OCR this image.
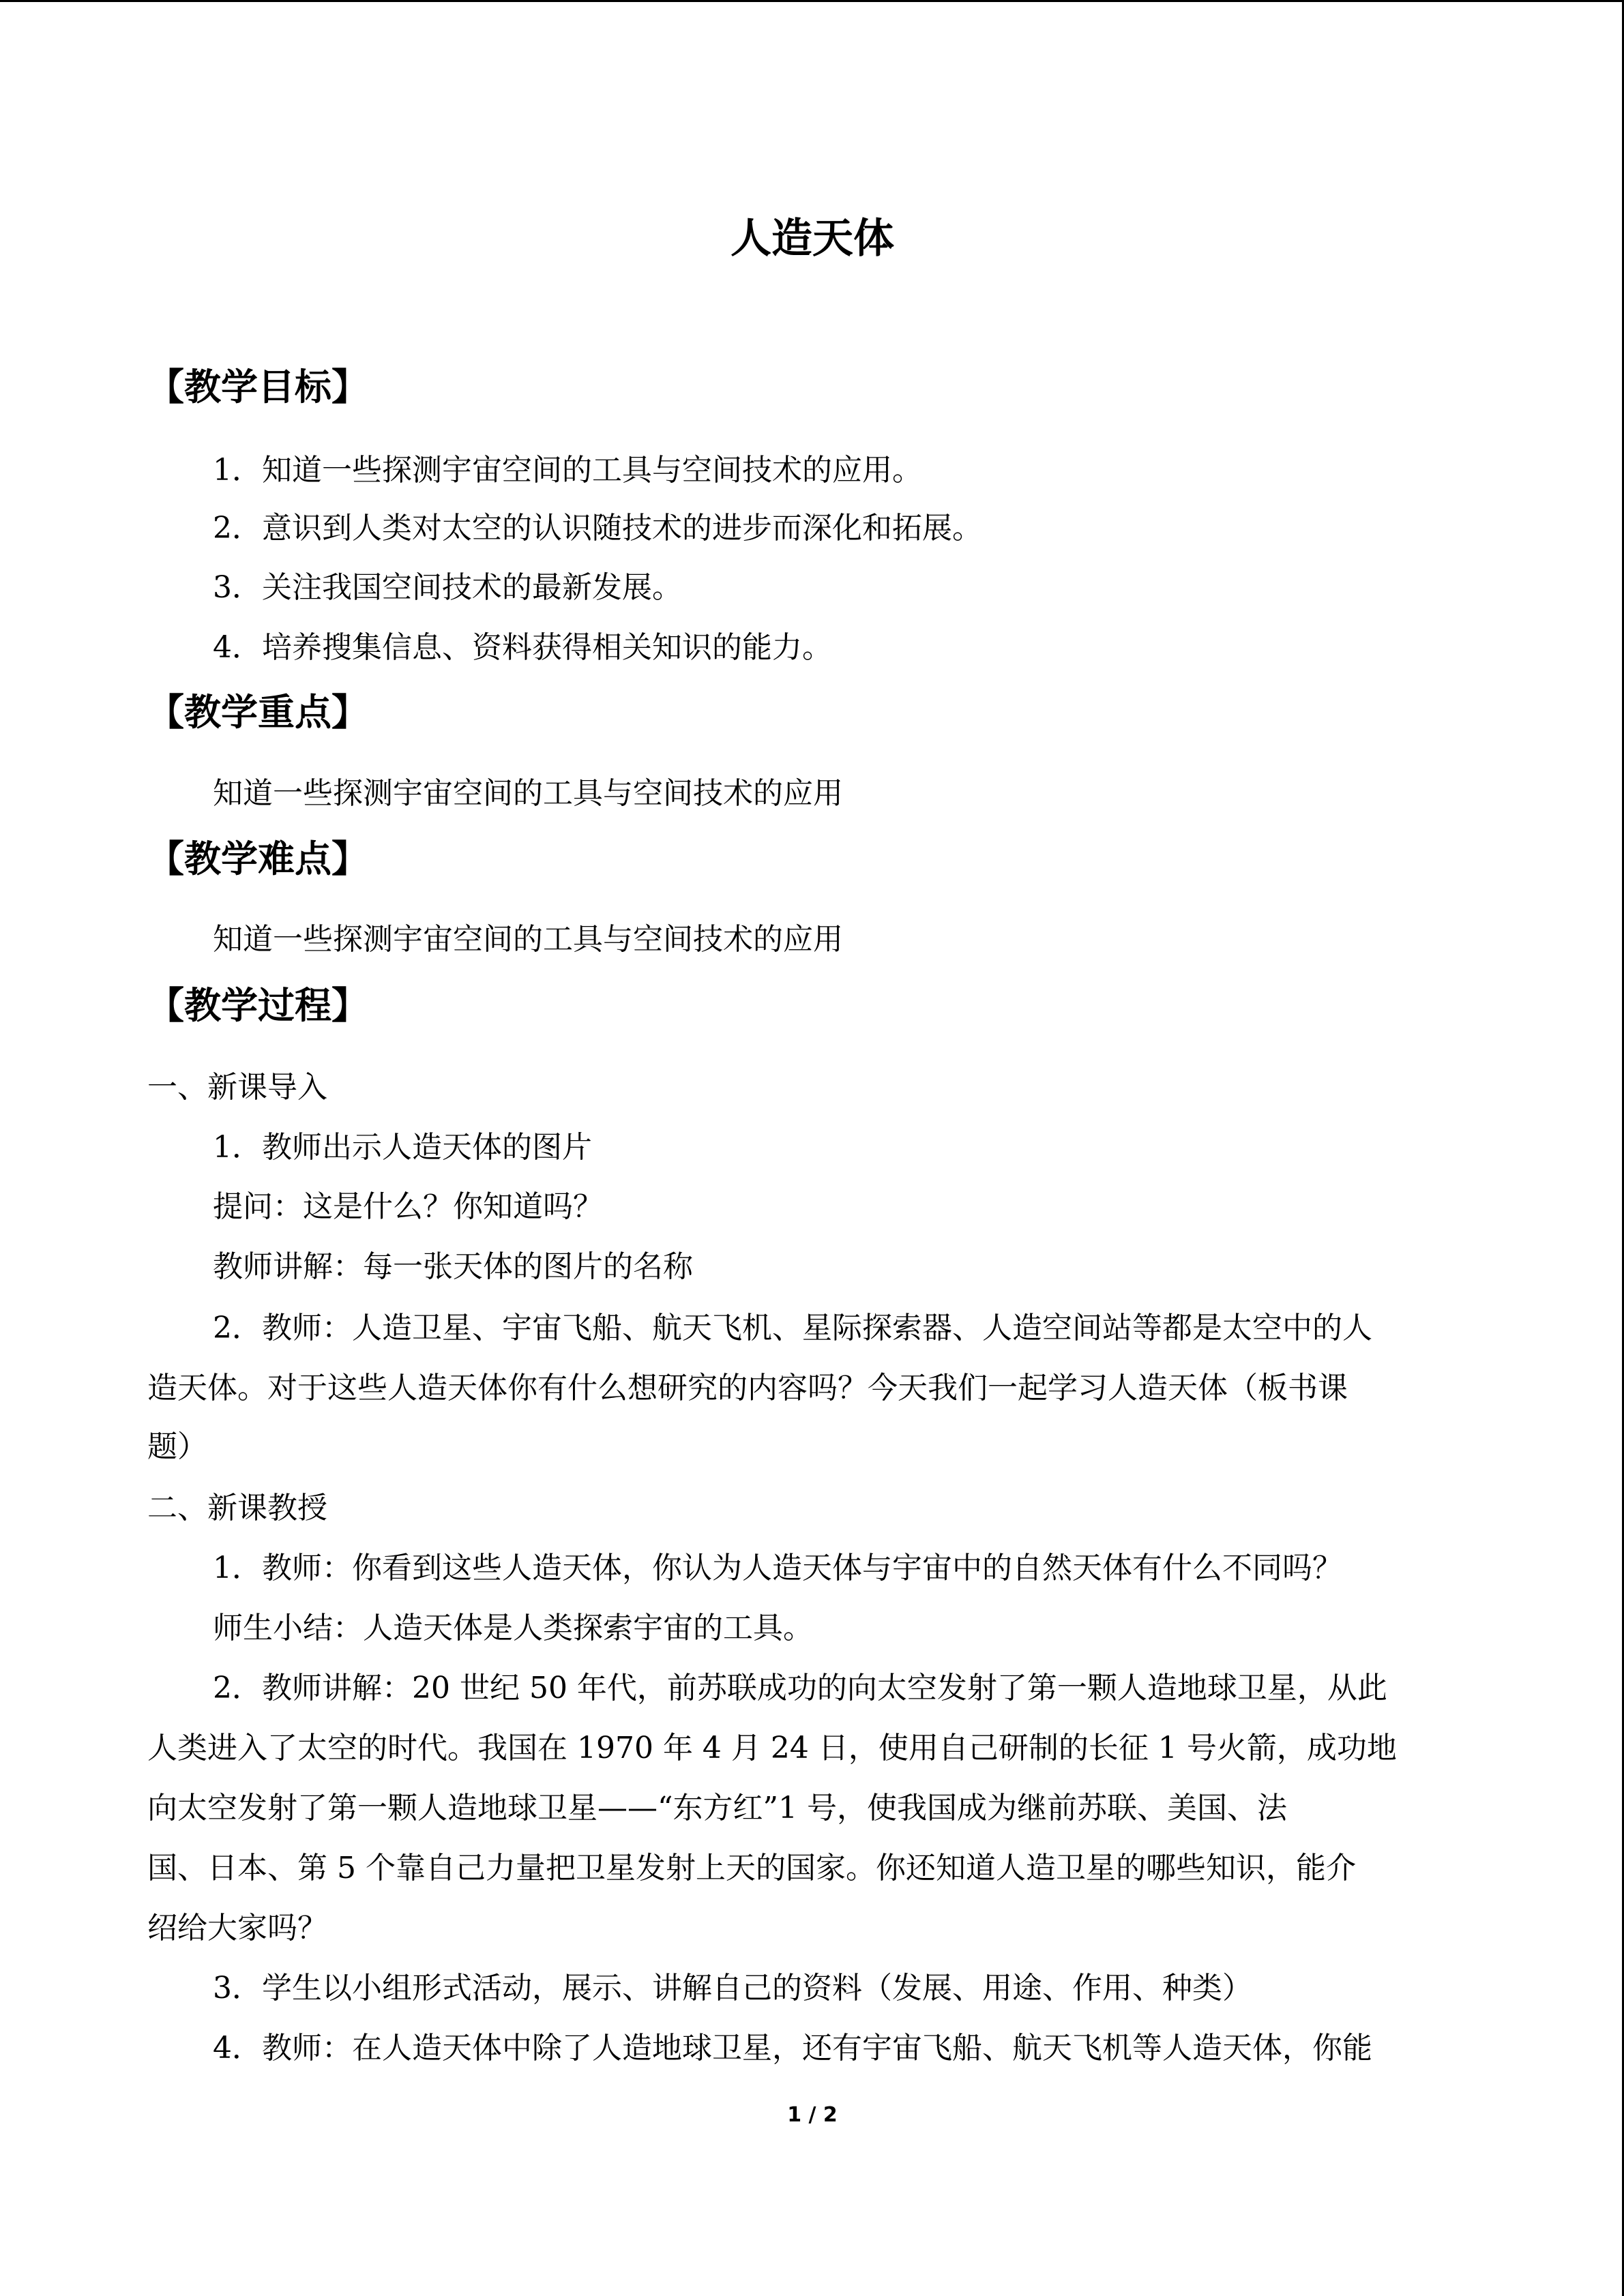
人造天体
【教学目标】
1．知道一些探测宇宙空间的工具与空间技术的应用。
2．意识到人类对太空的认识随技术的进步而深化和拓展。
3．关注我国空间技术的最新发展。
4．培养搜集信息、资料获得相关知识的能力。
【教学重点】
知道一些探测宇宙空间的工具与空间技术的应用
【教学难点】
知道一些探测宇宙空间的工具与空间技术的应用
【教学过程】
一、新课导入
1．教师出示人造天体的图片
提问：这是什么？你知道吗？
教师讲解：每一张天体的图片的名称
2．教师：人造卫星、宇宙飞船、航天飞机、星际探索器、人造空间站等都是太空中的人
造天体。对于这些人造天体你有什么想研究的内容吗？今天我们一起学习人造天体（板书课
题）
二、新课教授
1．教师：你看到这些人造天体，你认为人造天体与宇宙中的自然天体有什么不同吗？
师生小结：人造天体是人类探索宇宙的工具。
2．教师讲解：20 世纪 50 年代，前苏联成功的向太空发射了第一颗人造地球卫星，从此
人类进入了太空的时代。我国在 1970 年 4 月 24 日，使用自己研制的长征 1 号火箭，成功地
向太空发射了第一颗人造地球卫星——“东方红”1 号，使我国成为继前苏联、美国、法
国、日本、第 5 个靠自己力量把卫星发射上天的国家。你还知道人造卫星的哪些知识，能介
绍给大家吗？
3．学生以小组形式活动，展示、讲解自己的资料（发展、用途、作用、种类）
4．教师：在人造天体中除了人造地球卫星，还有宇宙飞船、航天飞机等人造天体，你能
1 / 2
